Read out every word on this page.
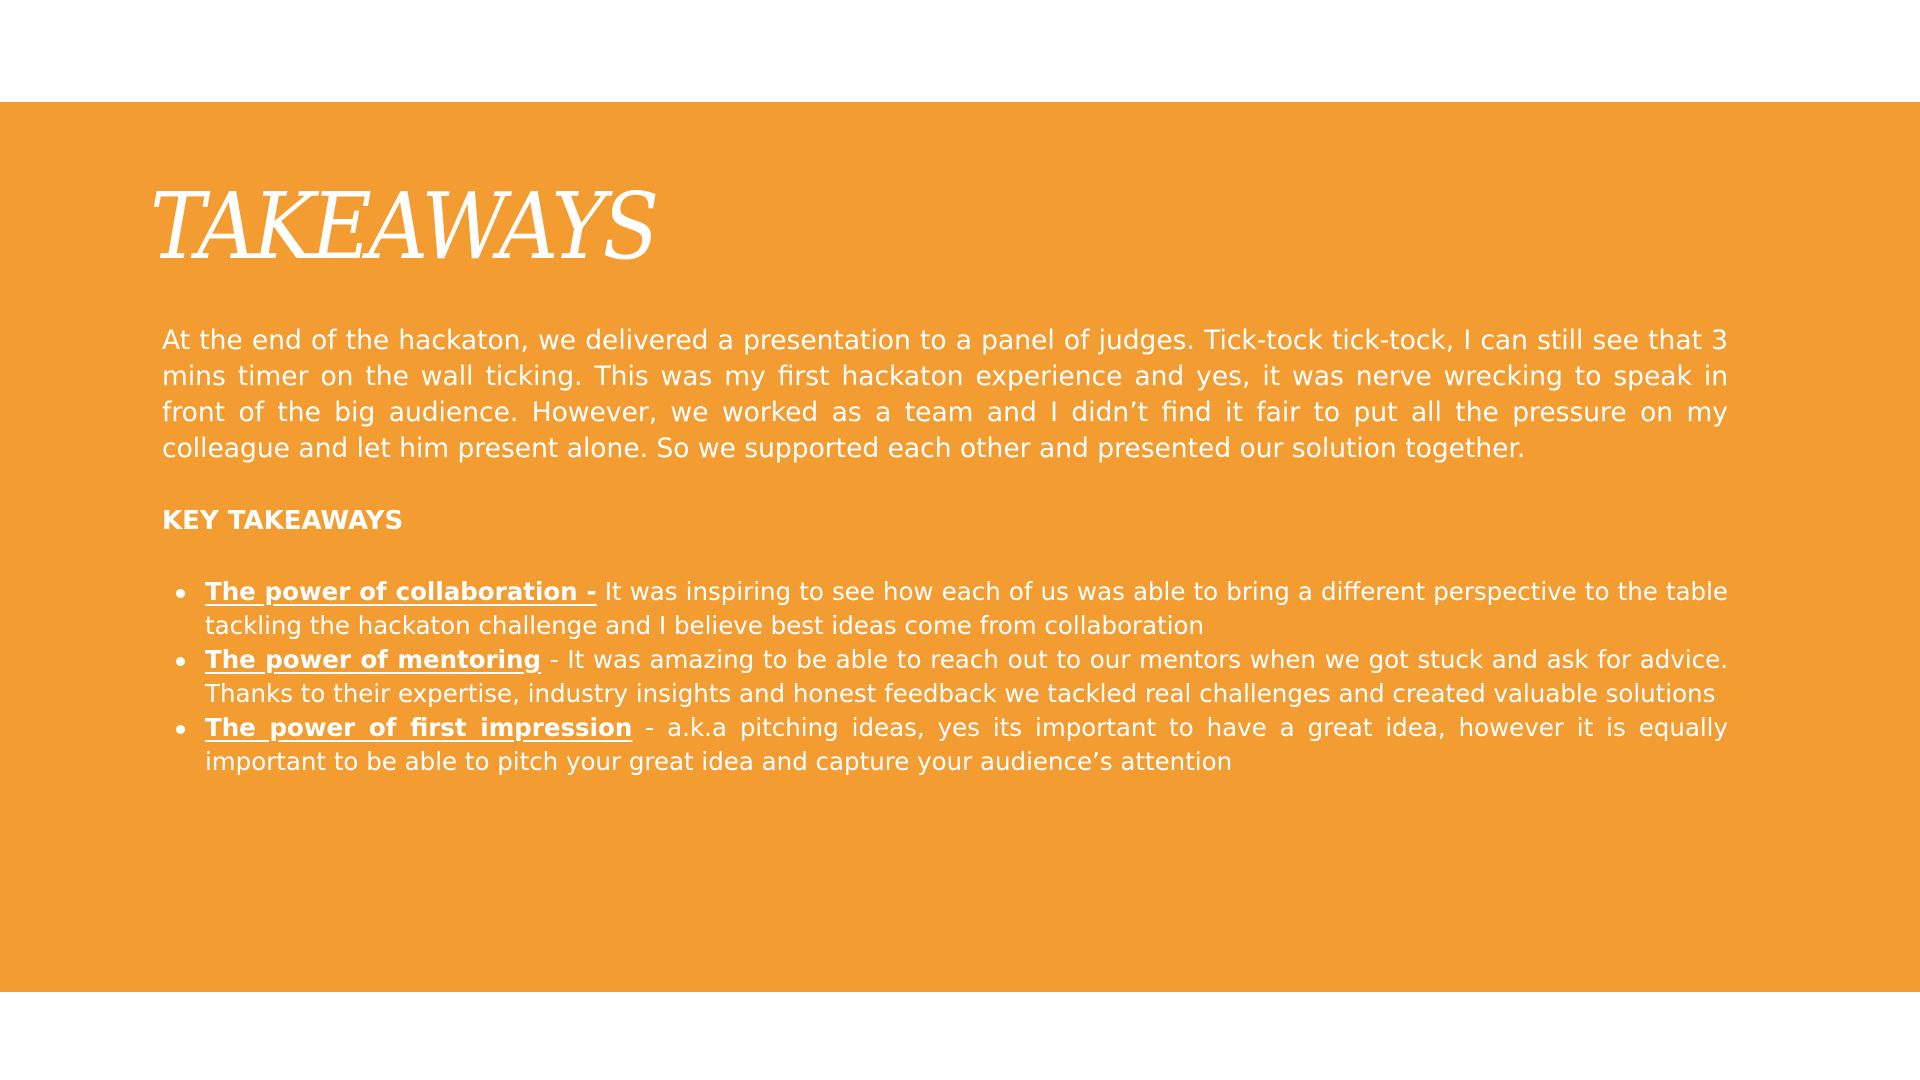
TAKEAWAYS

At the end of the hackaton, we delivered a presentation to a panel of judges. Tick-tock tick-tock, I can still see that 3 mins timer on the wall ticking. This was my first hackaton experience and yes, it was nerve wrecking to speak in front of the big audience. However, we worked as a team and I didn’t find it fair to put all the pressure on my colleague and let him present alone. So we supported each other and presented our solution together.

KEY TAKEAWAYS
The power of collaboration - It was inspiring to see how each of us was able to bring a different perspective to the table tackling the hackaton challenge and I believe best ideas come from collaboration
The power of mentoring - It was amazing to be able to reach out to our mentors when we got stuck and ask for advice. Thanks to their expertise, industry insights and honest feedback we tackled real challenges and created valuable solutions
The power of first impression - a.k.a pitching ideas, yes its important to have a great idea, however it is equally important to be able to pitch your great idea and capture your audience’s attention
